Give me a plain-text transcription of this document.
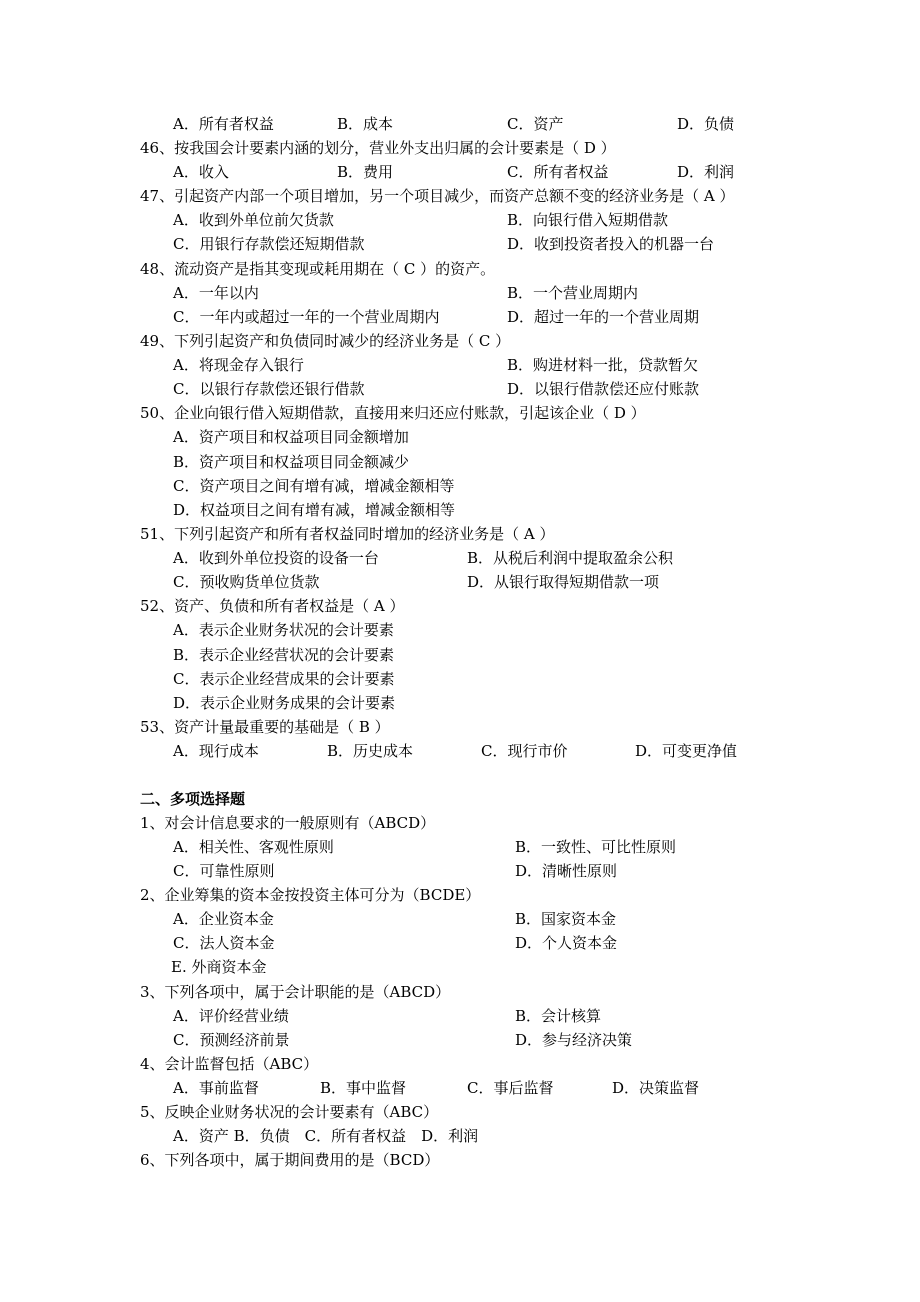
A．所有者权益	B．成本	C．资产	D．负债
46、按我国会计要素内涵的划分，营业外支出归属的会计要素是（ D ）
A．收入	B．费用	C．所有者权益	D．利润
47、引起资产内部一个项目增加，另一个项目减少，而资产总额不变的经济业务是（ A ）
A．收到外单位前欠货款	B．向银行借入短期借款
C．用银行存款偿还短期借款	D．收到投资者投入的机器一台
48、流动资产是指其变现或耗用期在（ C ）的资产。
A．一年以内	B．一个营业周期内
C．一年内或超过一年的一个营业周期内	D．超过一年的一个营业周期
49、下列引起资产和负债同时减少的经济业务是（ C ）
A．将现金存入银行	B．购进材料一批，贷款暂欠
C．以银行存款偿还银行借款	D．以银行借款偿还应付账款
50、企业向银行借入短期借款，直接用来归还应付账款，引起该企业（ D ）
A．资产项目和权益项目同金额增加
B．资产项目和权益项目同金额减少
C．资产项目之间有增有减，增减金额相等
D．权益项目之间有增有减，增减金额相等
51、下列引起资产和所有者权益同时增加的经济业务是（ A ）
A．收到外单位投资的设备一台	B．从税后利润中提取盈余公积
C．预收购货单位货款	D．从银行取得短期借款一项
52、资产、负债和所有者权益是（ A ）
A．表示企业财务状况的会计要素
B．表示企业经营状况的会计要素
C．表示企业经营成果的会计要素
D．表示企业财务成果的会计要素
53、资产计量最重要的基础是（ B ）
A．现行成本	B．历史成本	C．现行市价	D．可变更净值
二、多项选择题
1、对会计信息要求的一般原则有（ABCD）
A．相关性、客观性原则	B．一致性、可比性原则
C．可靠性原则	D．清晰性原则
2、企业筹集的资本金按投资主体可分为（BCDE）
A．企业资本金	B．国家资本金
C．法人资本金	D．个人资本金
E. 外商资本金
3、下列各项中，属于会计职能的是（ABCD）
A．评价经营业绩	B．会计核算
C．预测经济前景	D．参与经济决策
4、会计监督包括（ABC）
A．事前监督	B．事中监督	C．事后监督	D．决策监督
5、反映企业财务状况的会计要素有（ABC）
A．资产 B．负债　C．所有者权益　D．利润
6、下列各项中，属于期间费用的是（BCD）
